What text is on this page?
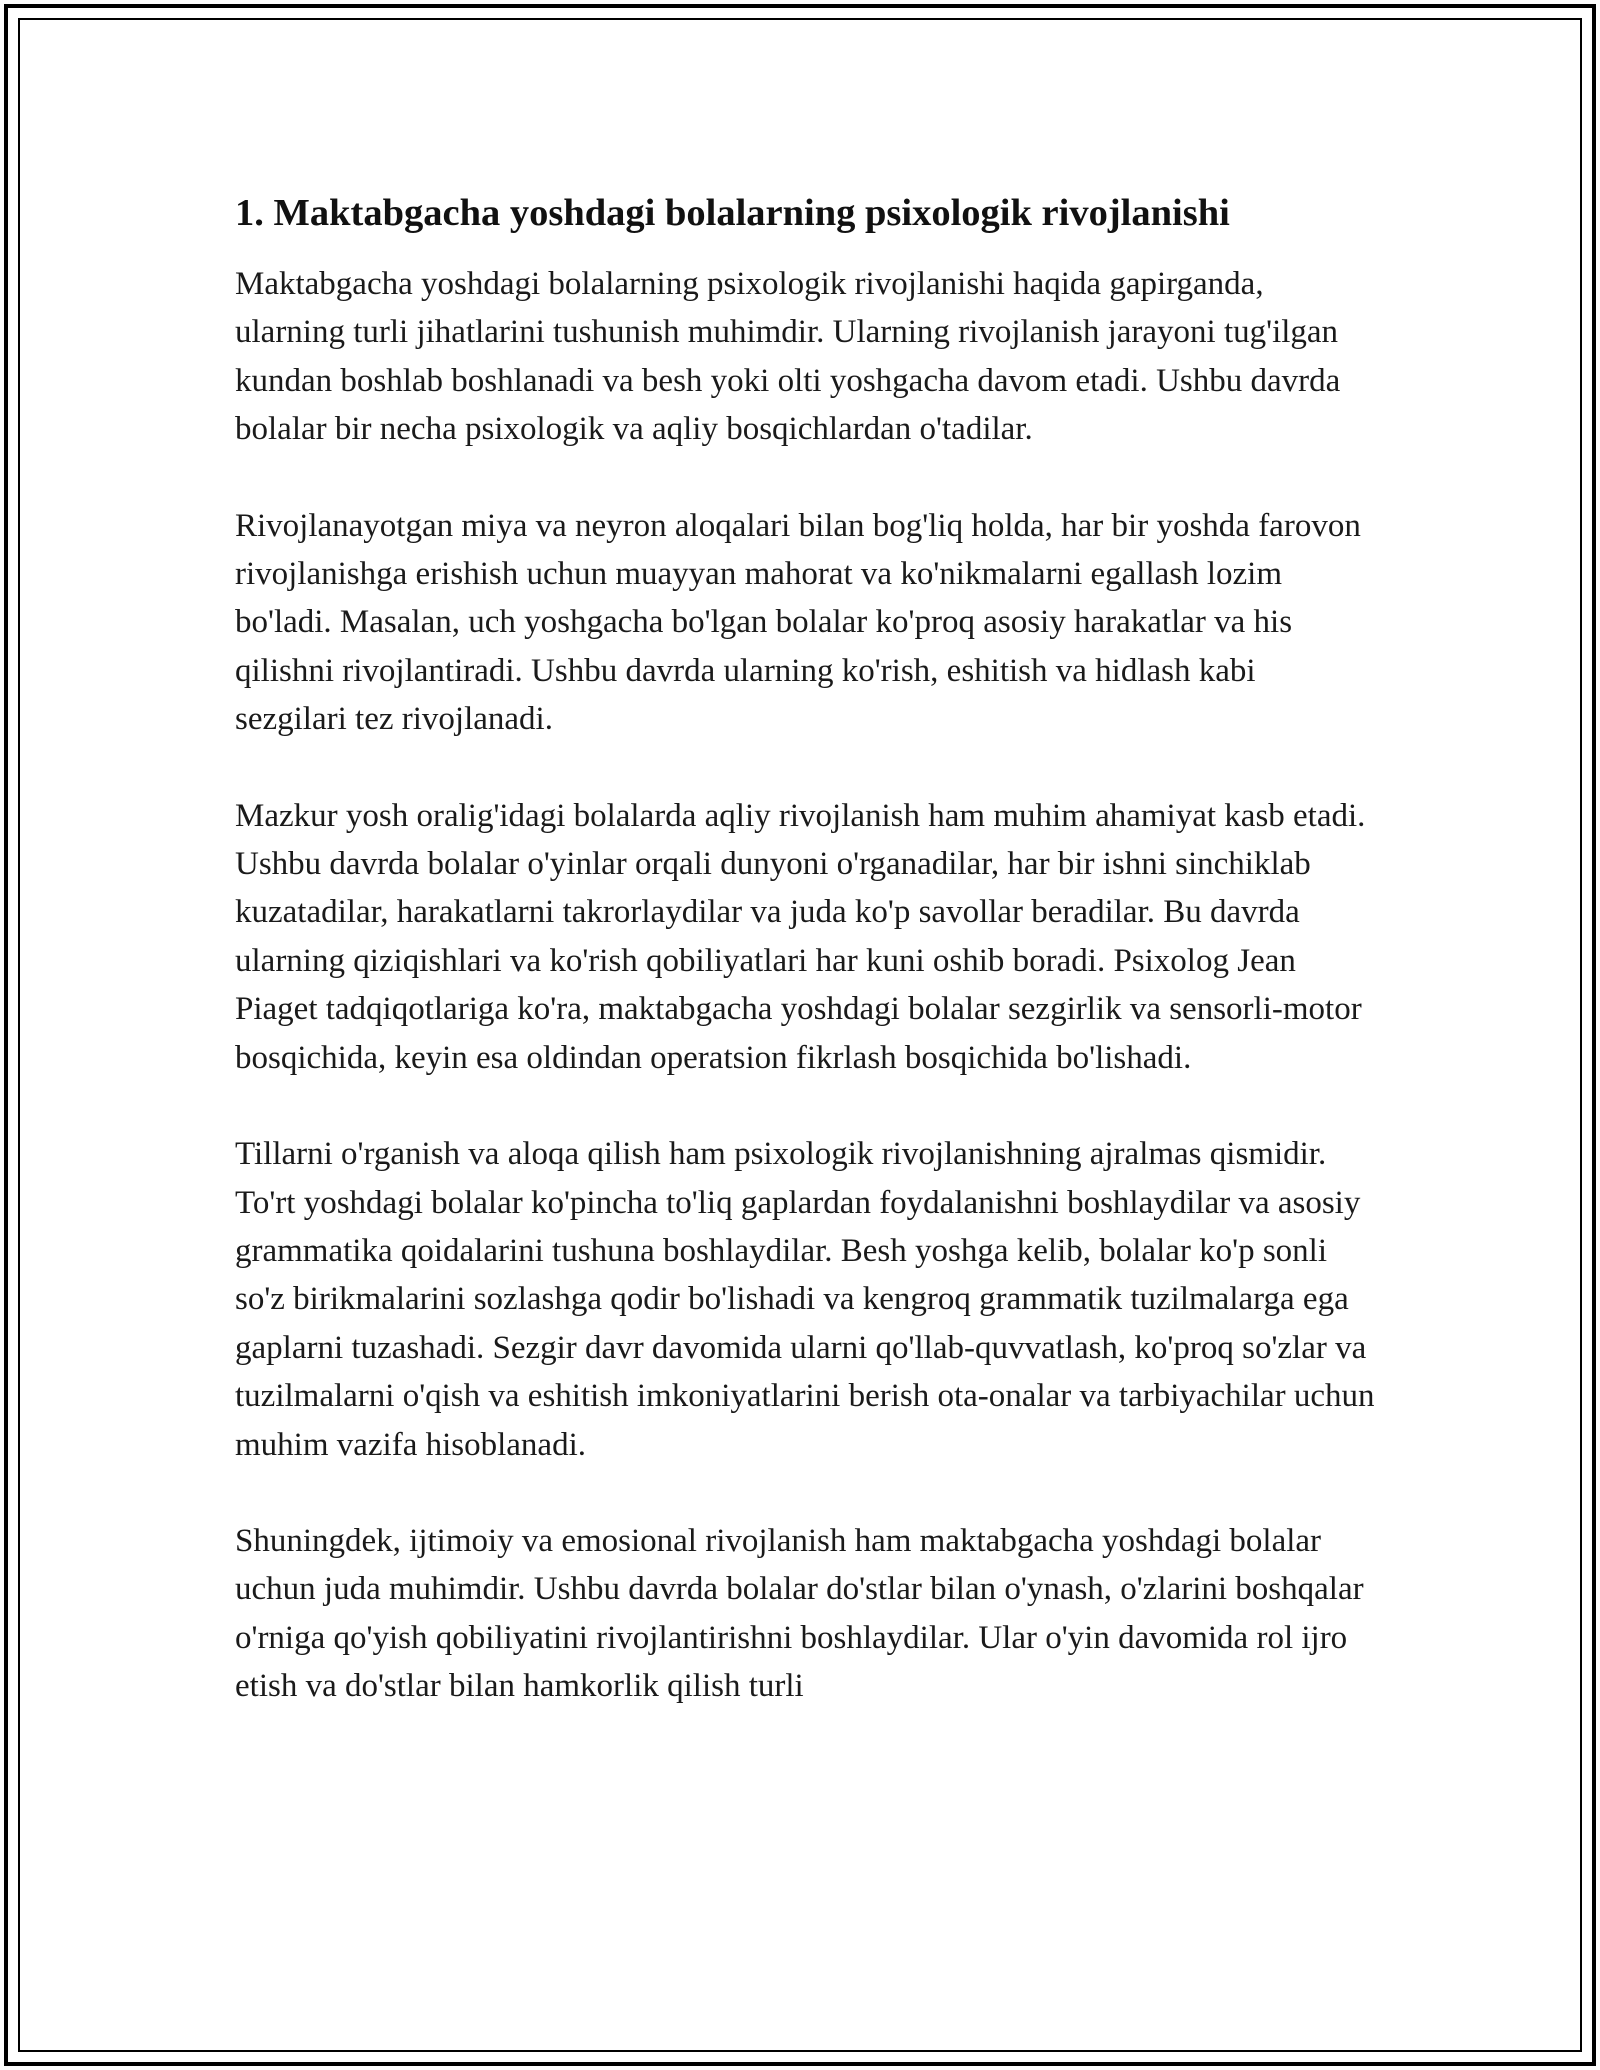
1. Maktabgacha yoshdagi bolalarning psixologik rivojlanishi

Maktabgacha yoshdagi bolalarning psixologik rivojlanishi haqida gapirganda, ularning turli jihatlarini tushunish muhimdir. Ularning rivojlanish jarayoni tug'ilgan kundan boshlab boshlanadi va besh yoki olti yoshgacha davom etadi. Ushbu davrda bolalar bir necha psixologik va aqliy bosqichlardan o'tadilar.

Rivojlanayotgan miya va neyron aloqalari bilan bog'liq holda, har bir yoshda farovon rivojlanishga erishish uchun muayyan mahorat va ko'nikmalarni egallash lozim bo'ladi. Masalan, uch yoshgacha bo'lgan bolalar ko'proq asosiy harakatlar va his qilishni rivojlantiradi. Ushbu davrda ularning ko'rish, eshitish va hidlash kabi sezgilari tez rivojlanadi.

Mazkur yosh oralig'idagi bolalarda aqliy rivojlanish ham muhim ahamiyat kasb etadi. Ushbu davrda bolalar o'yinlar orqali dunyoni o'rganadilar, har bir ishni sinchiklab kuzatadilar, harakatlarni takrorlaydilar va juda ko'p savollar beradilar. Bu davrda ularning qiziqishlari va ko'rish qobiliyatlari har kuni oshib boradi. Psixolog Jean Piaget tadqiqotlariga ko'ra, maktabgacha yoshdagi bolalar sezgirlik va sensorli-motor bosqichida, keyin esa oldindan operatsion fikrlash bosqichida bo'lishadi.

Tillarni o'rganish va aloqa qilish ham psixologik rivojlanishning ajralmas qismidir. To'rt yoshdagi bolalar ko'pincha to'liq gaplardan foydalanishni boshlaydilar va asosiy grammatika qoidalarini tushuna boshlaydilar. Besh yoshga kelib, bolalar ko'p sonli so'z birikmalarini sozlashga qodir bo'lishadi va kengroq grammatik tuzilmalarga ega gaplarni tuzashadi. Sezgir davr davomida ularni qo'llab-quvvatlash, ko'proq so'zlar va tuzilmalarni o'qish va eshitish imkoniyatlarini berish ota-onalar va tarbiyachilar uchun muhim vazifa hisoblanadi.

Shuningdek, ijtimoiy va emosional rivojlanish ham maktabgacha yoshdagi bolalar uchun juda muhimdir. Ushbu davrda bolalar do'stlar bilan o'ynash, o'zlarini boshqalar o'rniga qo'yish qobiliyatini rivojlantirishni boshlaydilar. Ular o'yin davomida rol ijro etish va do'stlar bilan hamkorlik qilish turli
